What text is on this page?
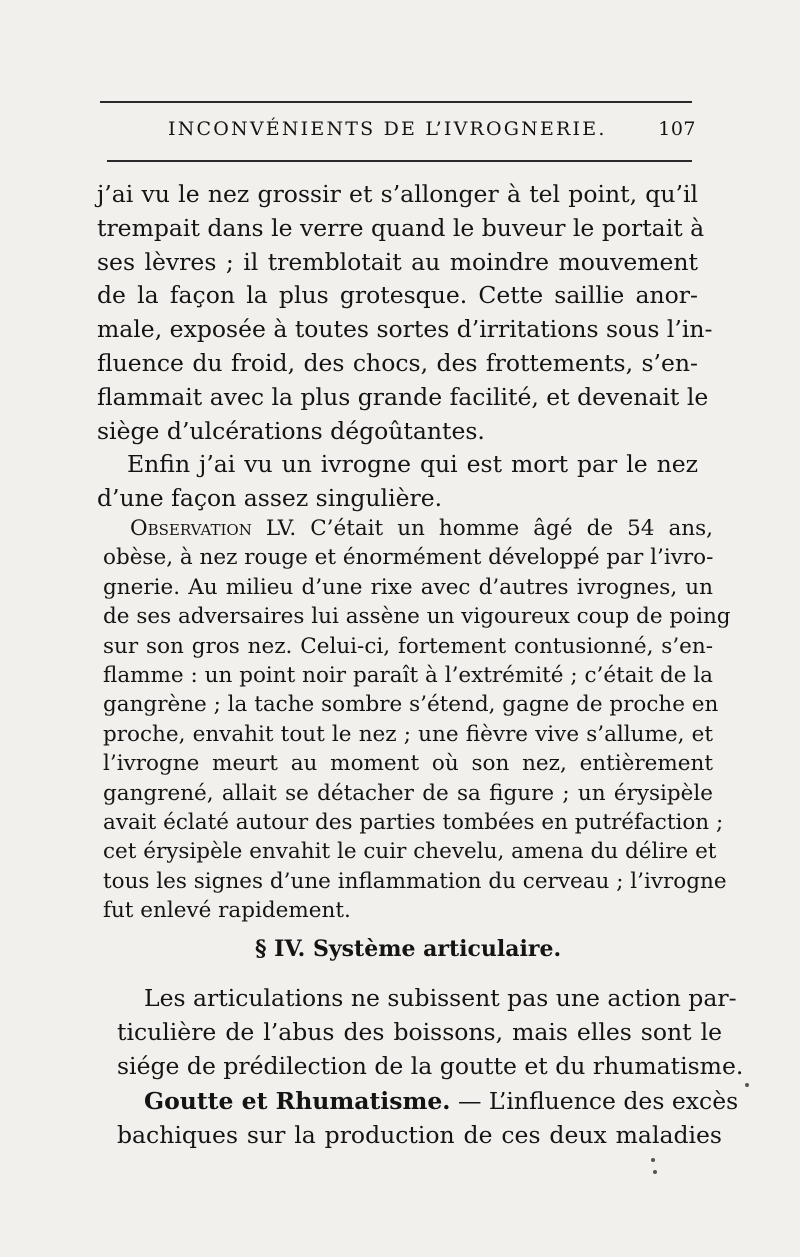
INCONVÉNIENTS DE L’IVROGNERIE.	107
j’ai vu le nez grossir et s’allonger à tel point, qu’il
trempait dans le verre quand le buveur le portait à
ses lèvres ; il tremblotait au moindre mouvement
de la façon la plus grotesque. Cette saillie anor-
male, exposée à toutes sortes d’irritations sous l’in-
fluence du froid, des chocs, des frottements, s’en-
flammait avec la plus grande facilité, et devenait le
siège d’ulcérations dégoûtantes.
Enfin j’ai vu un ivrogne qui est mort par le nez
d’une façon assez singulière.
Observation LV. C’était un homme âgé de 54 ans,
obèse, à nez rouge et énormément développé par l’ivro-
gnerie. Au milieu d’une rixe avec d’autres ivrognes, un
de ses adversaires lui assène un vigoureux coup de poing
sur son gros nez. Celui-ci, fortement contusionné, s’en-
flamme : un point noir paraît à l’extrémité ; c’était de la
gangrène ; la tache sombre s’étend, gagne de proche en
proche, envahit tout le nez ; une fièvre vive s’allume, et
l’ivrogne meurt au moment où son nez, entièrement
gangrené, allait se détacher de sa figure ; un érysipèle
avait éclaté autour des parties tombées en putréfaction ;
cet érysipèle envahit le cuir chevelu, amena du délire et
tous les signes d’une inflammation du cerveau ; l’ivrogne
fut enlevé rapidement.
§ IV. Système articulaire.
Les articulations ne subissent pas une action par-
ticulière de l’abus des boissons, mais elles sont le
siége de prédilection de la goutte et du rhumatisme.
Goutte et Rhumatisme. — L’influence des excès
bachiques sur la production de ces deux maladies
